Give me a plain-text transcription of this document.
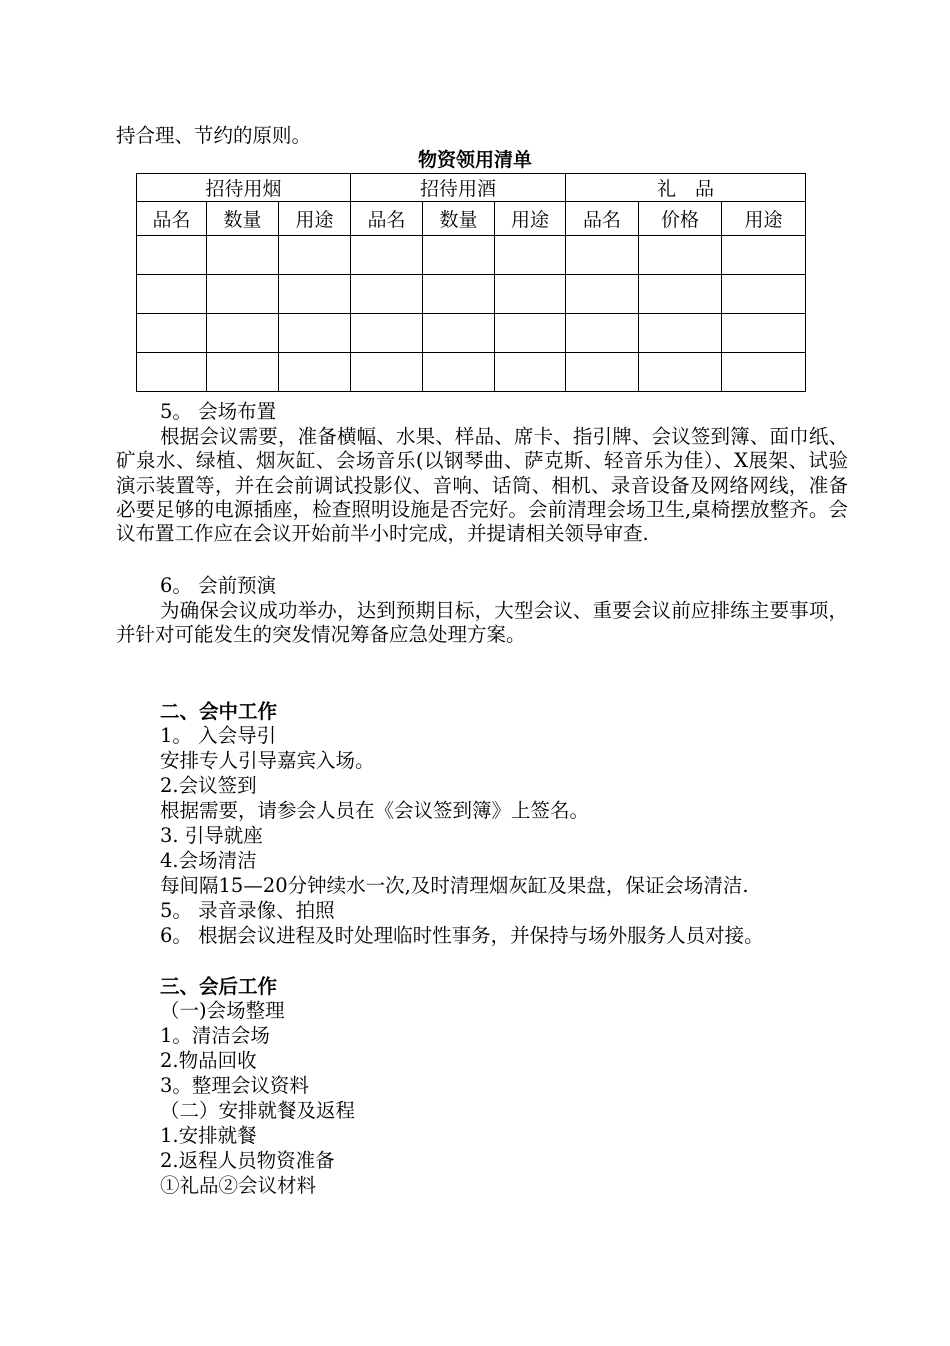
持合理、节约的原则。
物资领用清单
招待用烟			招待用酒			礼　品		
品名	数量	用途	品名	数量	用途	品名	价格	用途

5。 会场布置
根据会议需要，准备横幅、水果、样品、席卡、指引牌、会议签到簿、面巾纸、矿泉水、绿植、烟灰缸、会场音乐(以钢琴曲、萨克斯、轻音乐为佳）、X展架、试验演示装置等，并在会前调试投影仪、音响、话筒、相机、录音设备及网络网线，准备必要足够的电源插座，检查照明设施是否完好。会前清理会场卫生,桌椅摆放整齐。会议布置工作应在会议开始前半小时完成，并提请相关领导审查.
6。 会前预演
为确保会议成功举办，达到预期目标，大型会议、重要会议前应排练主要事项，并针对可能发生的突发情况筹备应急处理方案。
二、会中工作
1。 入会导引
安排专人引导嘉宾入场。
2.会议签到
根据需要，请参会人员在《会议签到簿》上签名。
3. 引导就座
4.会场清洁
每间隔15—20分钟续水一次,及时清理烟灰缸及果盘，保证会场清洁.
5。 录音录像、拍照
6。 根据会议进程及时处理临时性事务，并保持与场外服务人员对接。
三、会后工作
（一)会场整理
1。清洁会场
2.物品回收
3。整理会议资料
（二）安排就餐及返程
1.安排就餐
2.返程人员物资准备
①礼品②会议材料
